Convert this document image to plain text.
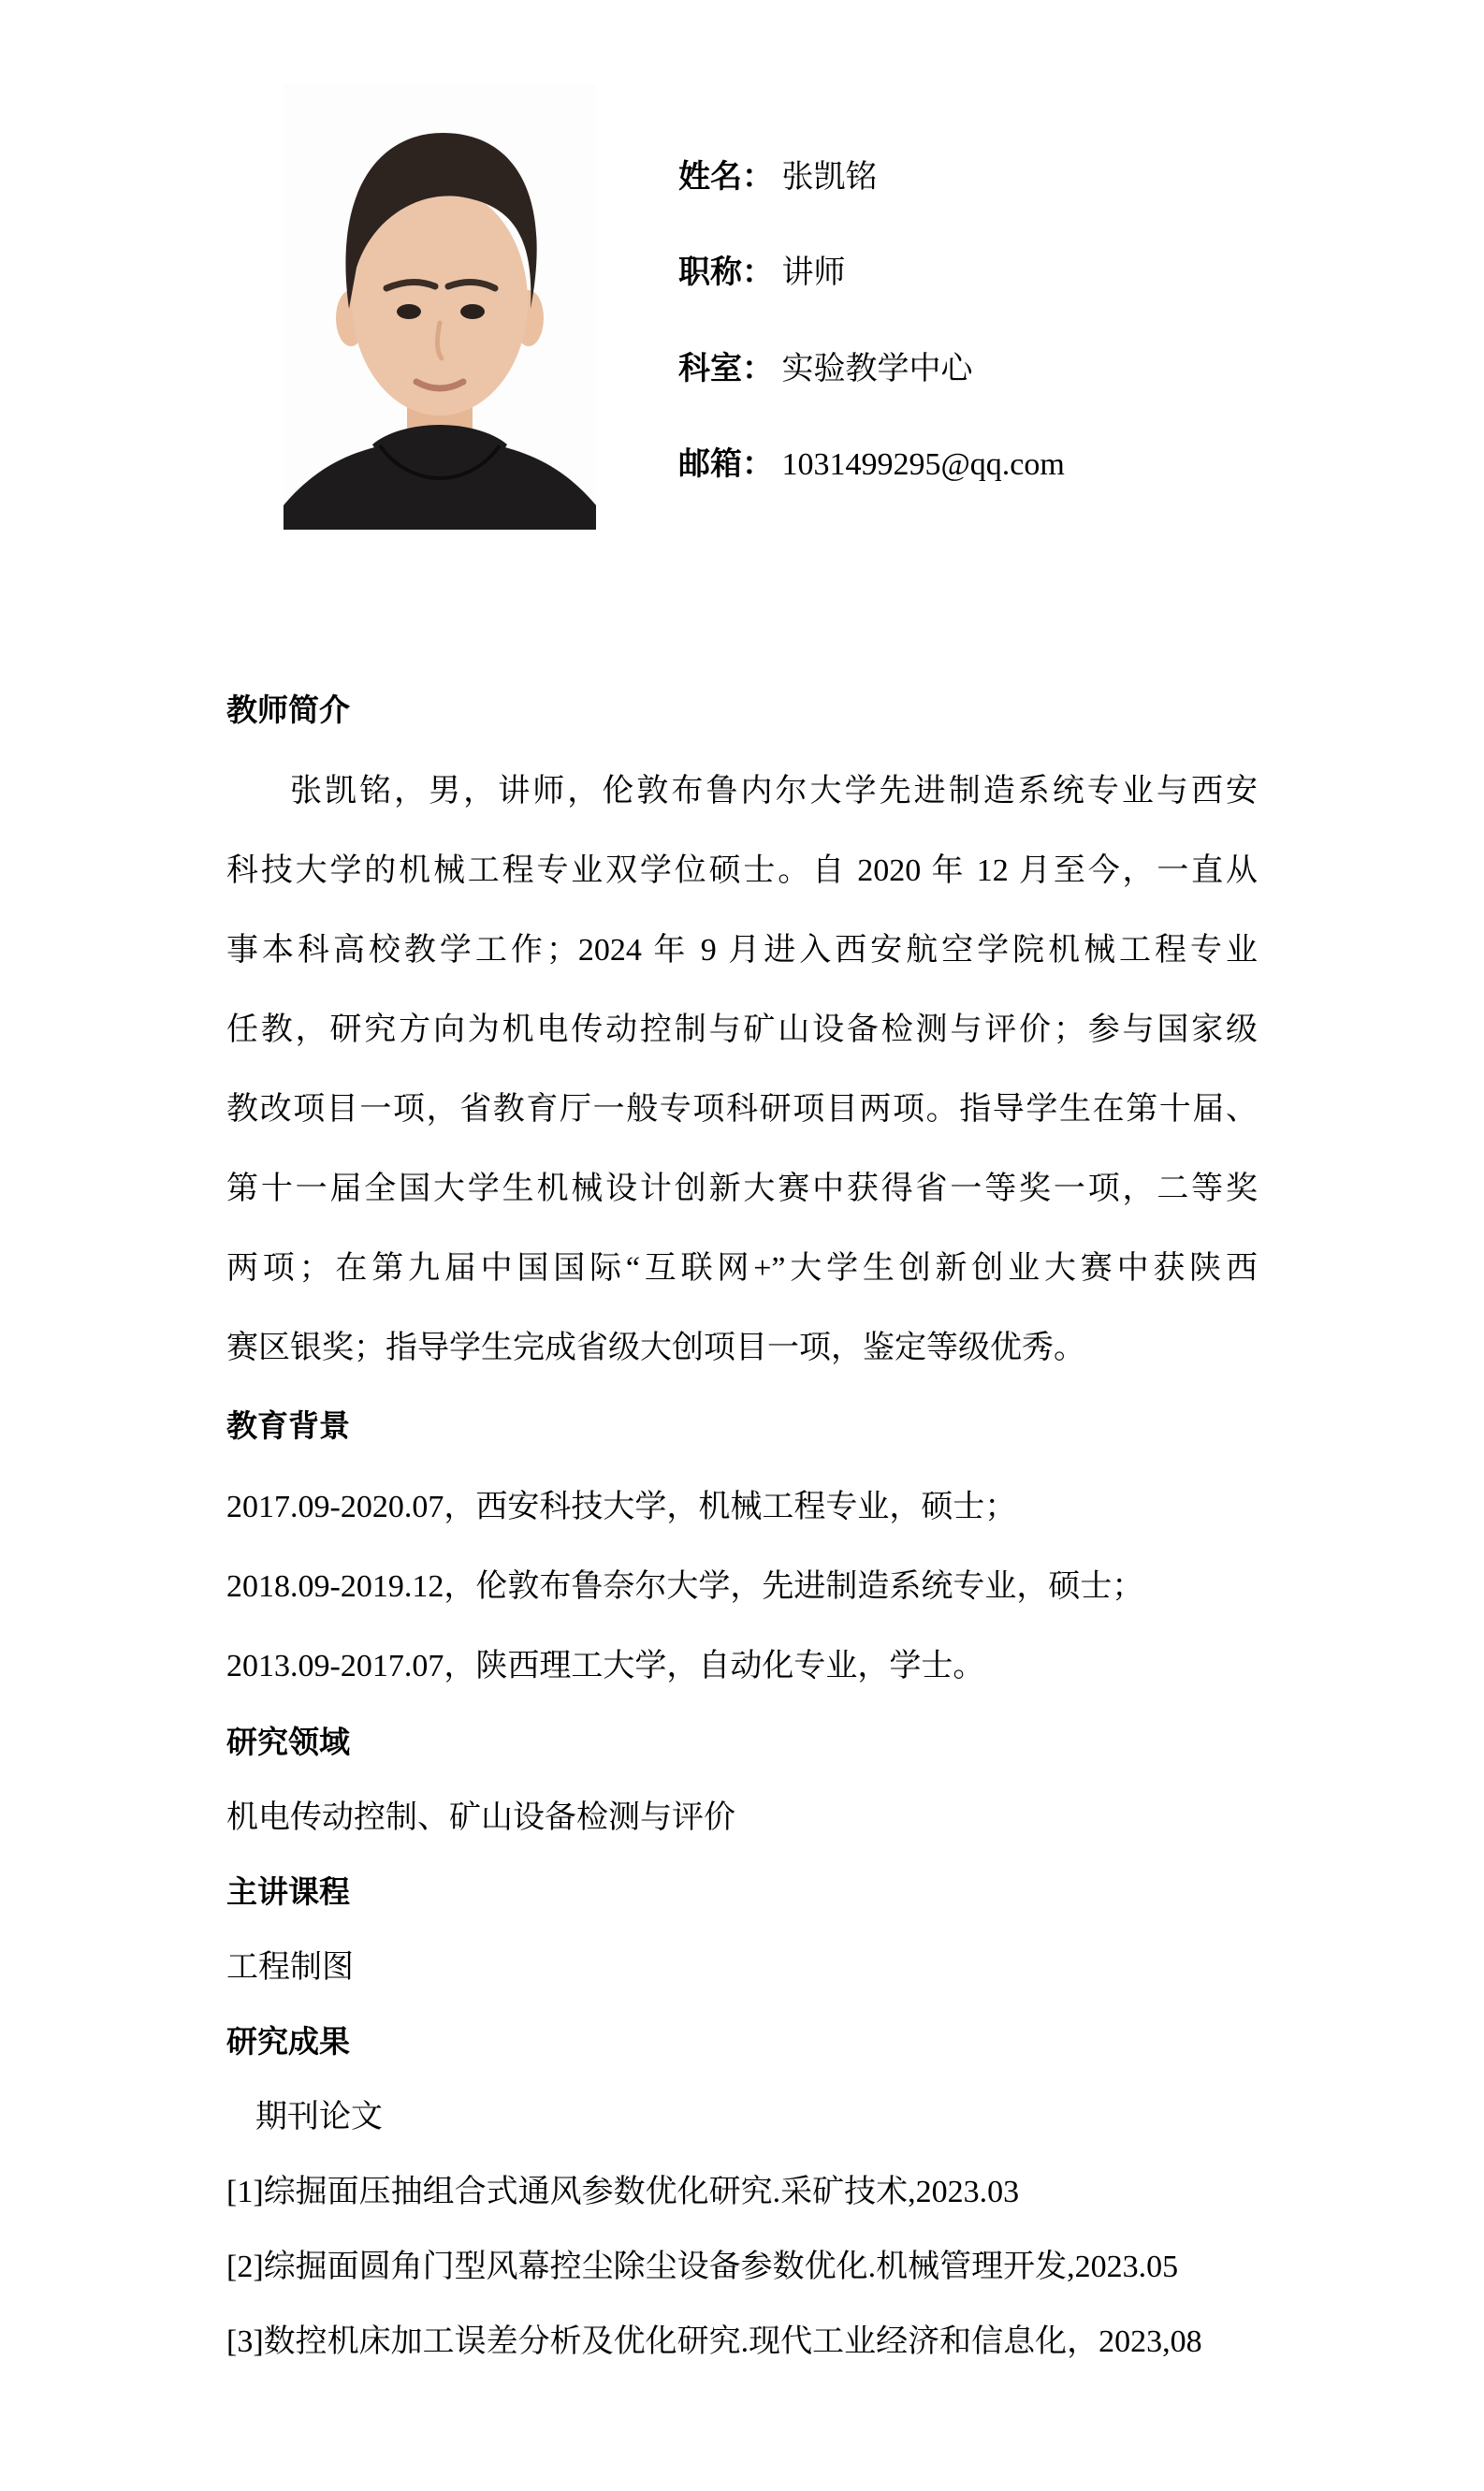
姓名： 张凯铭
职称： 讲师
科室： 实验教学中心
邮箱： 1031499295@qq.com
教师简介
张凯铭，男，讲师，伦敦布鲁内尔大学先进制造系统专业与西安
科技大学的机械工程专业双学位硕士。自 2020 年 12 月至今，一直从
事本科高校教学工作；2024 年 9 月进入西安航空学院机械工程专业
任教，研究方向为机电传动控制与矿山设备检测与评价；参与国家级
教改项目一项，省教育厅一般专项科研项目两项。指导学生在第十届、
第十一届全国大学生机械设计创新大赛中获得省一等奖一项，二等奖
两项；在第九届中国国际“互联网+”大学生创新创业大赛中获陕西
赛区银奖；指导学生完成省级大创项目一项，鉴定等级优秀。
教育背景
2017.09-2020.07，西安科技大学，机械工程专业，硕士；
2018.09-2019.12，伦敦布鲁奈尔大学，先进制造系统专业，硕士；
2013.09-2017.07，陕西理工大学，自动化专业，学士。
研究领域
机电传动控制、矿山设备检测与评价
主讲课程
工程制图
研究成果
期刊论文
[1]综掘面压抽组合式通风参数优化研究.采矿技术,2023.03
[2]综掘面圆角门型风幕控尘除尘设备参数优化.机械管理开发,2023.05
[3]数控机床加工误差分析及优化研究.现代工业经济和信息化，2023,08
